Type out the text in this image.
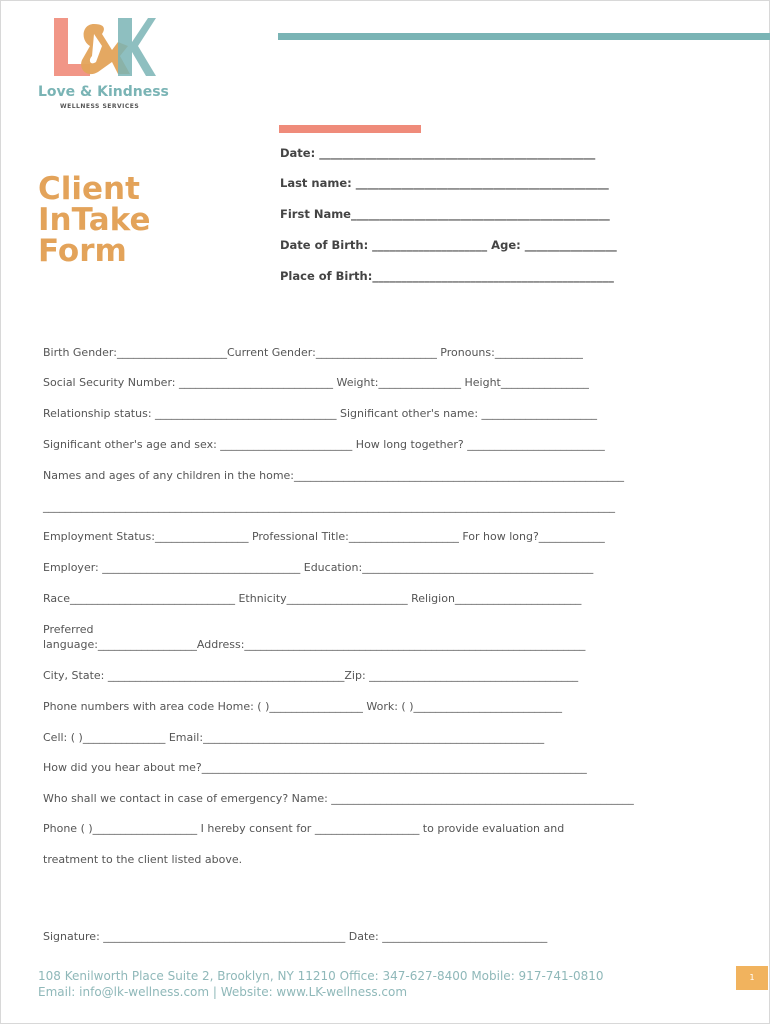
Love & Kindness
WELLNESS SERVICES
Client
InTake
Form
Date: ________________________________________________
Last name: ____________________________________________
First Name_____________________________________________
Date of Birth: ____________________ Age: ________________
Place of Birth:__________________________________________
Birth Gender:____________________Current Gender:______________________ Pronouns:________________
Social Security Number: ____________________________ Weight:_______________ Height________________
Relationship status: _________________________________ Significant other's name: _____________________
Significant other's age and sex: ________________________ How long together? _________________________
Names and ages of any children in the home:____________________________________________________________
________________________________________________________________________________________________________
Employment Status:_________________ Professional Title:____________________ For how long?____________
Employer: ____________________________________ Education:__________________________________________
Race______________________________ Ethnicity______________________ Religion_______________________
Preferred
language:__________________Address:______________________________________________________________
City, State: ___________________________________________Zip: ______________________________________
Phone numbers with area code Home: ( )_________________ Work: ( )___________________________
Cell: ( )_______________ Email:______________________________________________________________
How did you hear about me?______________________________________________________________________
Who shall we contact in case of emergency? Name: _______________________________________________________
Phone ( )___________________ I hereby consent for ___________________ to provide evaluation and
treatment to the client listed above.
Signature: ____________________________________________ Date: ______________________________
108 Kenilworth Place Suite 2, Brooklyn, NY 11210 Office: 347-627-8400 Mobile: 917-741-0810
Email: info@lk-wellness.com | Website: www.LK-wellness.com
1
